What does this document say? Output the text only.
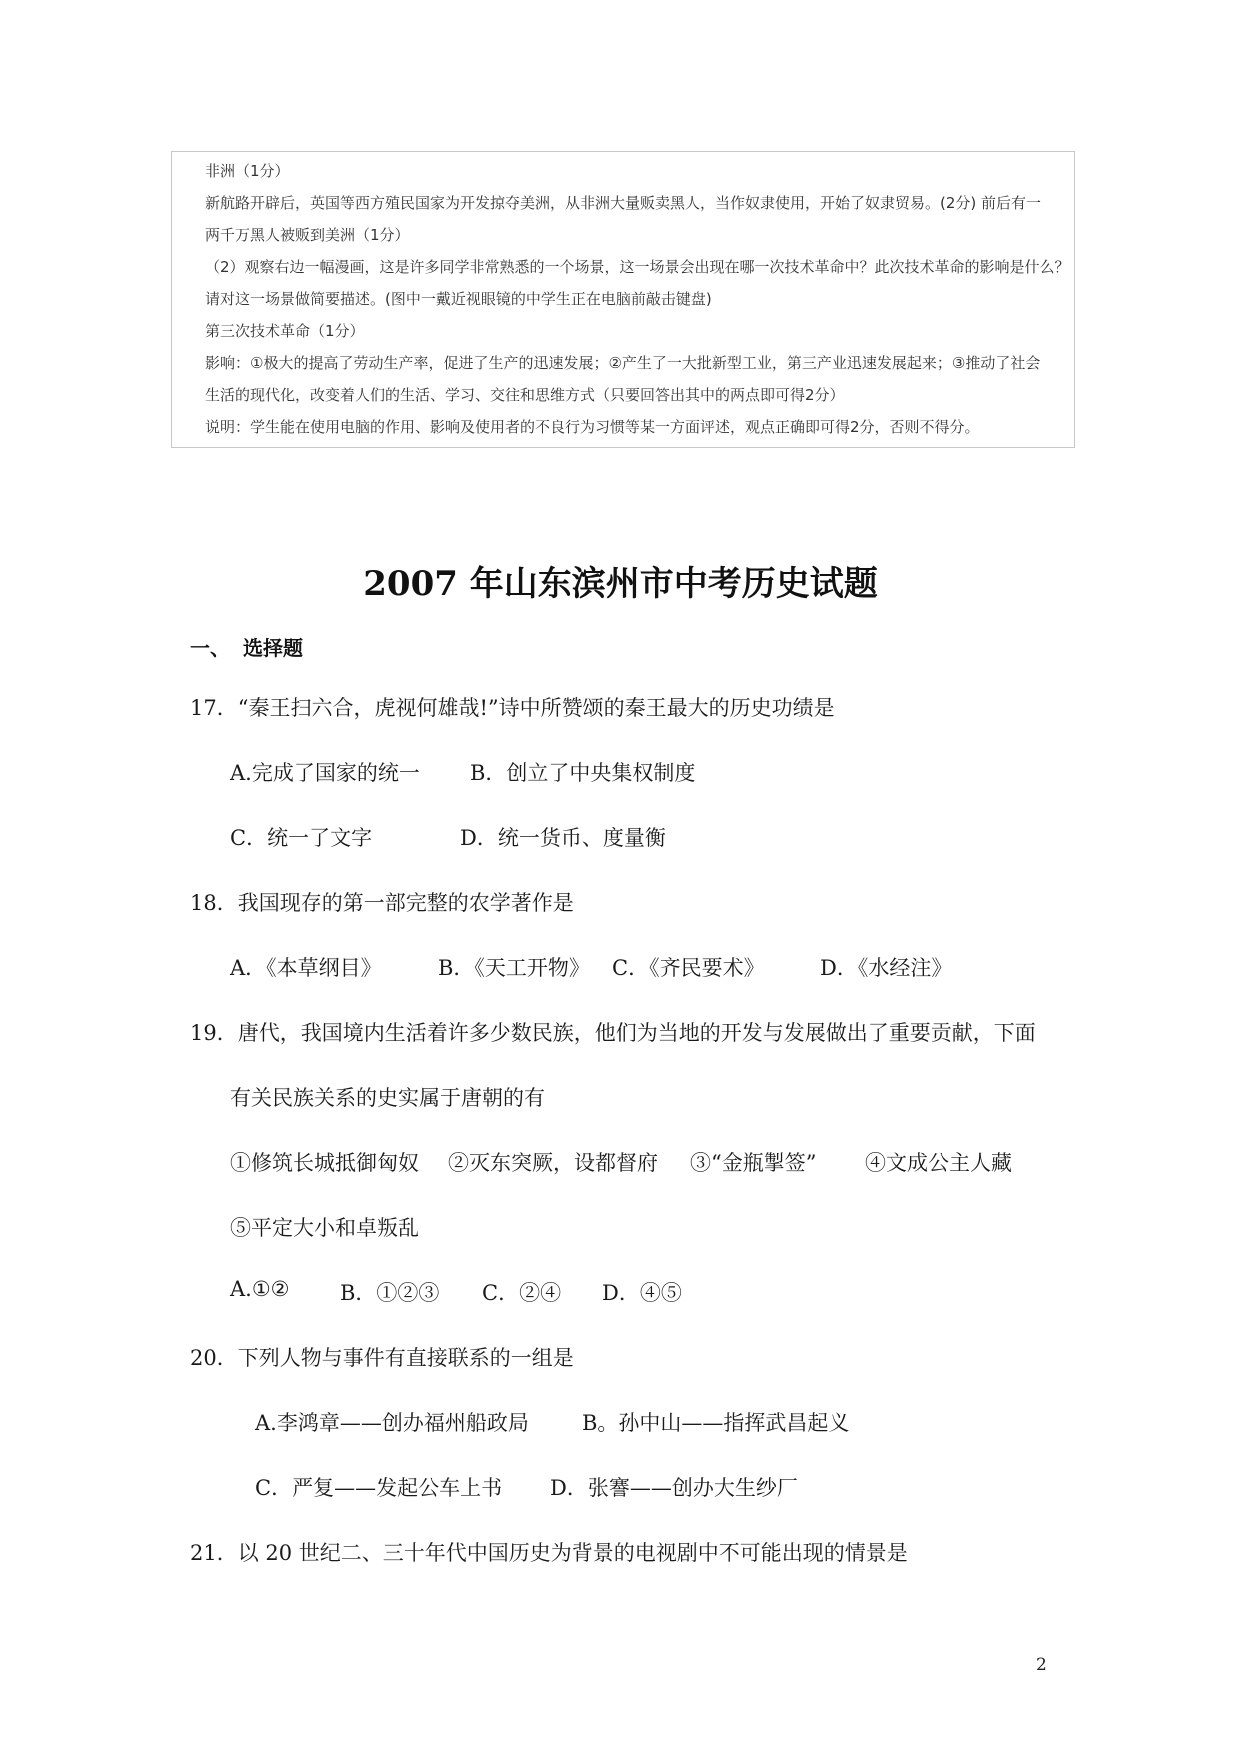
非洲（1分）
新航路开辟后，英国等西方殖民国家为开发掠夺美洲，从非洲大量贩卖黑人，当作奴隶使用，开始了奴隶贸易。(2分) 前后有一
两千万黑人被贩到美洲（1分）
（2）观察右边一幅漫画，这是许多同学非常熟悉的一个场景，这一场景会出现在哪一次技术革命中？此次技术革命的影响是什么？
请对这一场景做简要描述。(图中一戴近视眼镜的中学生正在电脑前敲击键盘)
第三次技术革命（1分）
影响：①极大的提高了劳动生产率，促进了生产的迅速发展；②产生了一大批新型工业，第三产业迅速发展起来；③推动了社会
生活的现代化，改变着人们的生活、学习、交往和思维方式（只要回答出其中的两点即可得2分）
说明：学生能在使用电脑的作用、影响及使用者的不良行为习惯等某一方面评述，观点正确即可得2分，否则不得分。
2007 年山东滨州市中考历史试题
一、 选择题
17．“秦王扫六合，虎视何雄哉!”诗中所赞颂的秦王最大的历史功绩是
A.完成了国家的统一 B．创立了中央集权制度
C．统一了文字	D．统一货币、度量衡
18．我国现存的第一部完整的农学著作是
A．《本草纲目》	B．《天工开物》 C．《齐民要术》	D．《水经注》
19．唐代，我国境内生活着许多少数民族，他们为当地的开发与发展做出了重要贡献，下面
有关民族关系的史实属于唐朝的有
①修筑长城抵御匈奴 ②灭东突厥，设都督府 ③“金瓶掣签” ④文成公主人藏
⑤平定大小和卓叛乱
A.①② B．①②③ C．②④ D．④⑤
20．下列人物与事件有直接联系的一组是
A.李鸿章——创办福州船政局	B。孙中山——指挥武昌起义
C．严复——发起公车上书 D．张謇——创办大生纱厂
21．以 20 世纪二、三十年代中国历史为背景的电视剧中不可能出现的情景是
2
